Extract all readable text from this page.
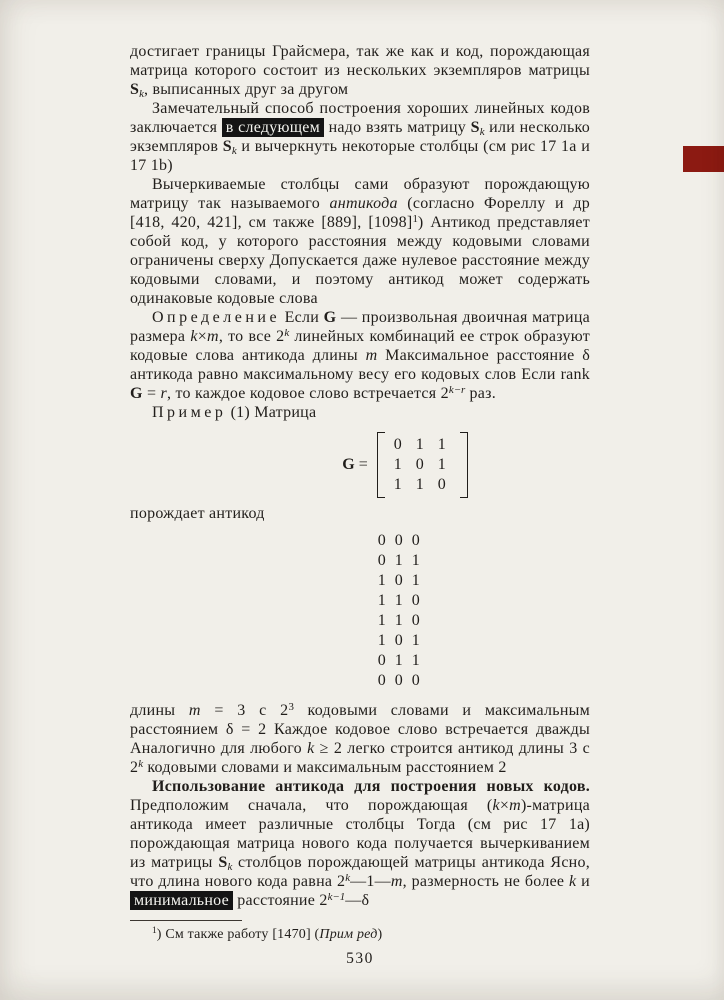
достигает границы Грайсмера, так же как и код, порождающая матрица которого состоит из нескольких экземпляров матрицы Sk, выписанных друг за другом

Замечательный способ построения хороших линейных кодов заключается в следующем надо взять матрицу Sk или несколько экземпляров Sk и вычеркнуть некоторые столбцы (см рис 17 1а и 17 1b)

Вычеркиваемые столбцы сами образуют порождающую матрицу так называемого антикода (согласно Фореллу и др [418, 420, 421], см также [889], $[1098]^1$) Антикод представляет собой код, у которого расстояния между кодовыми словами ограничены сверху Допускается даже нулевое расстояние между кодовыми словами, и поэтому антикод может содержать одинаковые кодовые слова

Определение Если G — произвольная двоичная матрица размера k×m, то все 2$^k$ линейных комбинаций ее строк образуют кодовые слова антикода длины m Максимальное расстояние δ антикода равно максимальному весу его кодовых слов Если rank G = r, то каждое кодовое слово встречается $2^{k-r}$ раз.

Пример (1) Матрица

G =
0 1 1
1 0 1
1 1 0

порождает антикод

0 0 0
0 1 1
1 0 1
1 1 0
1 1 0
1 0 1
0 1 1
0 0 0

длины m = 3 с $2^3$ кодовыми словами и максимальным расстоянием δ = 2 Каждое кодовое слово встречается дважды Аналогично для любого k ≥ 2 легко строится антикод длины 3 с 2$^k$ кодовыми словами и максимальным расстоянием 2

Использование антикода для построения новых кодов. Предположим сначала, что порождающая (k×m)-матрица антикода имеет различные столбцы Тогда (см рис 17 1а) порождающая матрица нового кода получается вычеркиванием из матрицы Sk столбцов порождающей матрицы антикода Ясно, что длина нового кода равна 2$^k$—1—m, размерность не более k и минимальное расстояние $2^{k-1}—\delta$

$^1$) См также работу [1470] (Прим ред)

530
